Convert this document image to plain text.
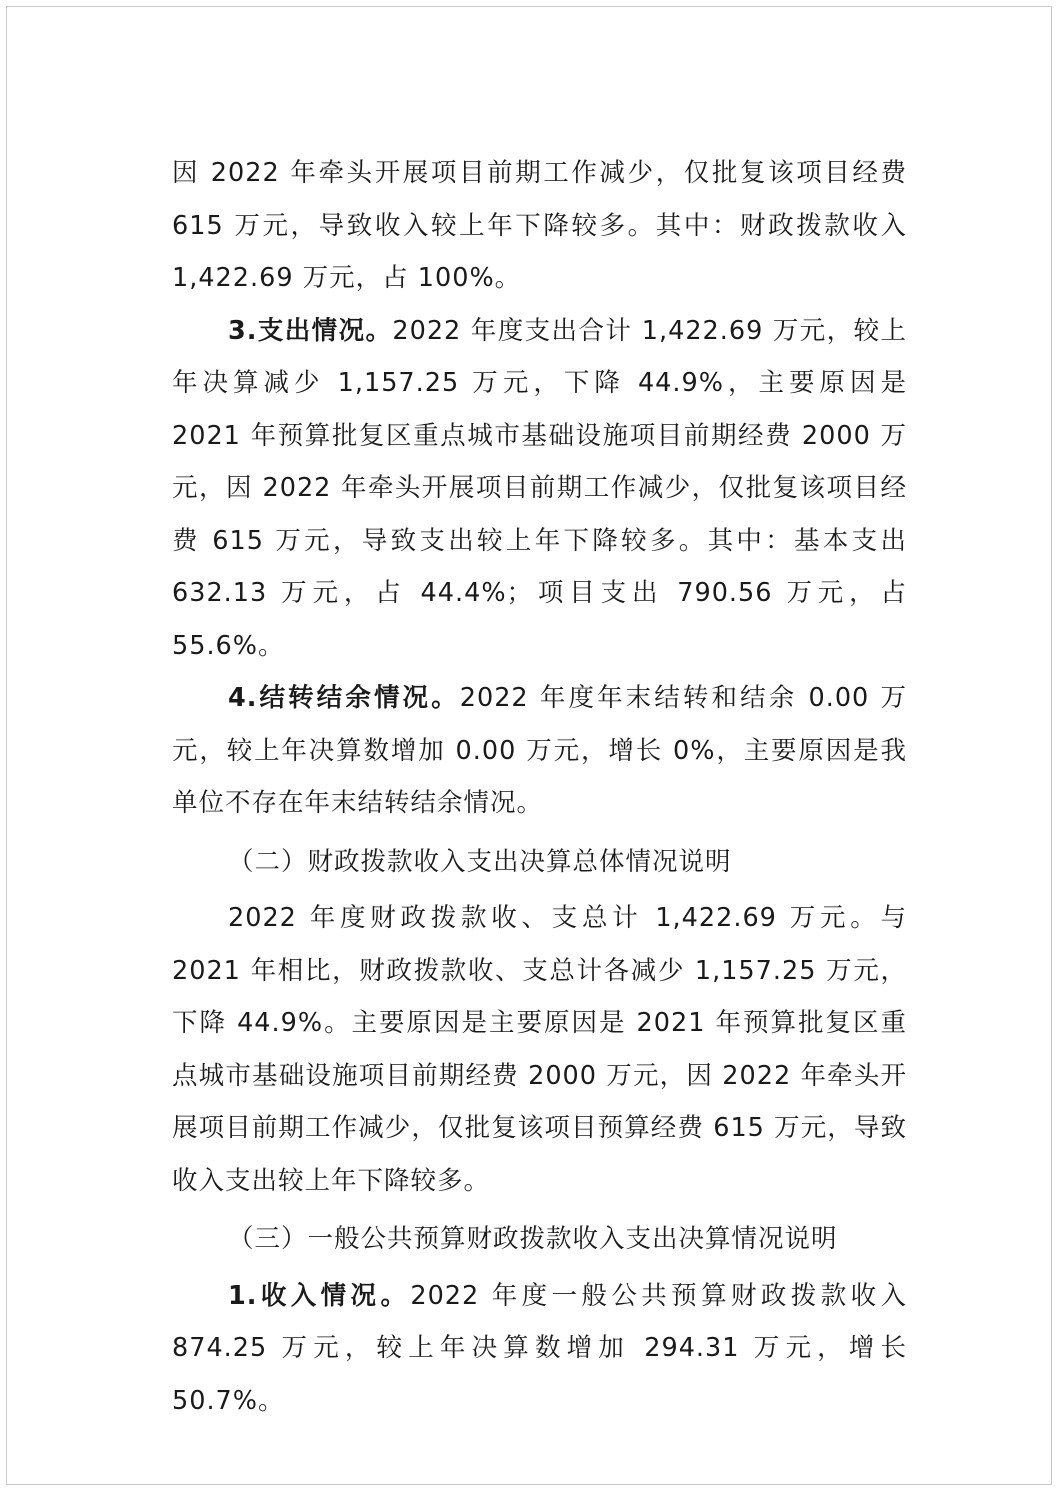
因 2022 年牵头开展项目前期工作减少，仅批复该项目经费 615 万元，导致收入较上年下降较多。其中：财政拨款收入 1,422.69 万元，占 100%。

3.支出情况。2022 年度支出合计 1,422.69 万元，较上年决算减少 1,157.25 万元，下降 44.9%，主要原因是 2021 年预算批复区重点城市基础设施项目前期经费 2000 万元，因 2022 年牵头开展项目前期工作减少，仅批复该项目经费 615 万元，导致支出较上年下降较多。其中：基本支出 632.13 万元，占 44.4%；项目支出 790.56 万元，占 55.6%。

4.结转结余情况。2022 年度年末结转和结余 0.00 万元，较上年决算数增加 0.00 万元，增长 0%，主要原因是我单位不存在年末结转结余情况。

（二）财政拨款收入支出决算总体情况说明

2022 年度财政拨款收、支总计 1,422.69 万元。与 2021 年相比，财政拨款收、支总计各减少 1,157.25 万元，下降 44.9%。主要原因是主要原因是 2021 年预算批复区重点城市基础设施项目前期经费 2000 万元，因 2022 年牵头开展项目前期工作减少，仅批复该项目预算经费 615 万元，导致收入支出较上年下降较多。

（三）一般公共预算财政拨款收入支出决算情况说明

1.收入情况。2022 年度一般公共预算财政拨款收入 874.25 万元，较上年决算数增加 294.31 万元，增长 50.7%。
